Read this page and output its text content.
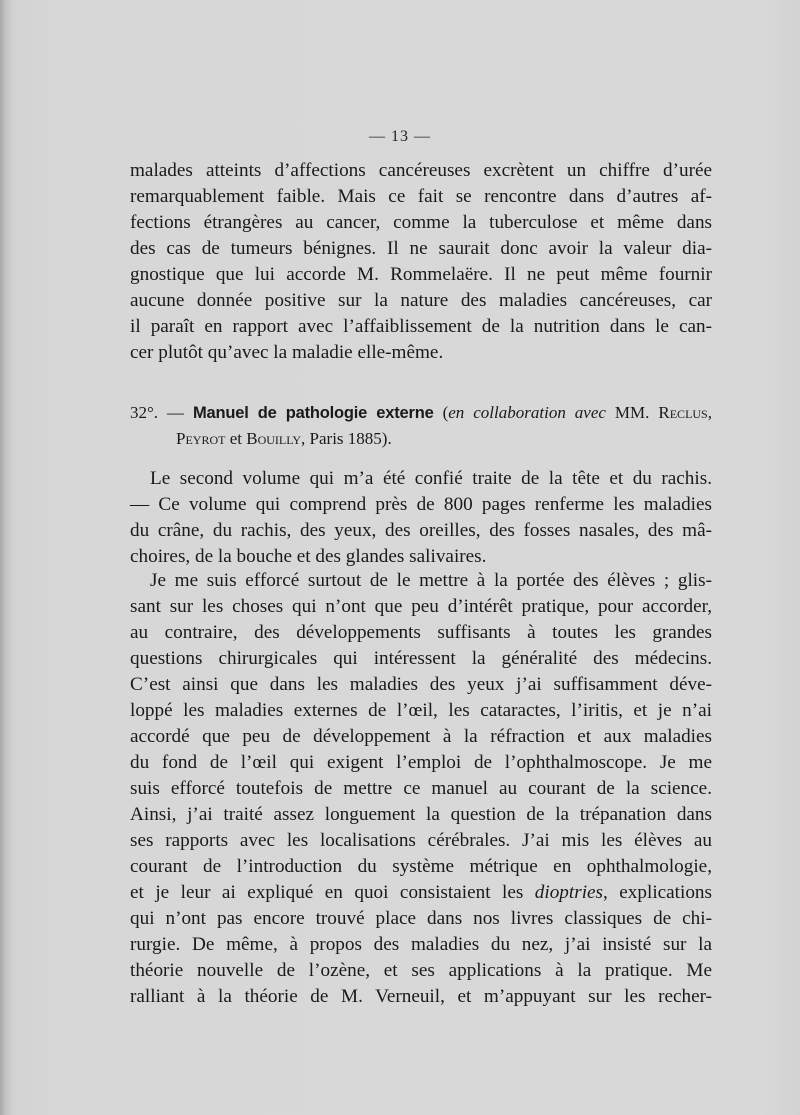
— 13 —
malades atteints d’affections cancéreuses excrètent un chiffre d’urée
remarquablement faible. Mais ce fait se rencontre dans d’autres af-
fections étrangères au cancer, comme la tuberculose et même dans
des cas de tumeurs bénignes. Il ne saurait donc avoir la valeur dia-
gnostique que lui accorde M. Rommelaëre. Il ne peut même fournir
aucune donnée positive sur la nature des maladies cancéreuses, car
il paraît en rapport avec l’affaiblissement de la nutrition dans le can-
cer plutôt qu’avec la maladie elle-même.
32°. — Manuel de pathologie externe (en collaboration avec MM. Reclus,
Peyrot et Bouilly, Paris 1885).
Le second volume qui m’a été confié traite de la tête et du rachis.
— Ce volume qui comprend près de 800 pages renferme les maladies
du crâne, du rachis, des yeux, des oreilles, des fosses nasales, des mâ-
choires, de la bouche et des glandes salivaires.
Je me suis efforcé surtout de le mettre à la portée des élèves ; glis-
sant sur les choses qui n’ont que peu d’intérêt pratique, pour accorder,
au contraire, des développements suffisants à toutes les grandes
questions chirurgicales qui intéressent la généralité des médecins.
C’est ainsi que dans les maladies des yeux j’ai suffisamment déve-
loppé les maladies externes de l’œil, les cataractes, l’iritis, et je n’ai
accordé que peu de développement à la réfraction et aux maladies
du fond de l’œil qui exigent l’emploi de l’ophthalmoscope. Je me
suis efforcé toutefois de mettre ce manuel au courant de la science.
Ainsi, j’ai traité assez longuement la question de la trépanation dans
ses rapports avec les localisations cérébrales. J’ai mis les élèves au
courant de l’introduction du système métrique en ophthalmologie,
et je leur ai expliqué en quoi consistaient les dioptries, explications
qui n’ont pas encore trouvé place dans nos livres classiques de chi-
rurgie. De même, à propos des maladies du nez, j’ai insisté sur la
théorie nouvelle de l’ozène, et ses applications à la pratique. Me
ralliant à la théorie de M. Verneuil, et m’appuyant sur les recher-
